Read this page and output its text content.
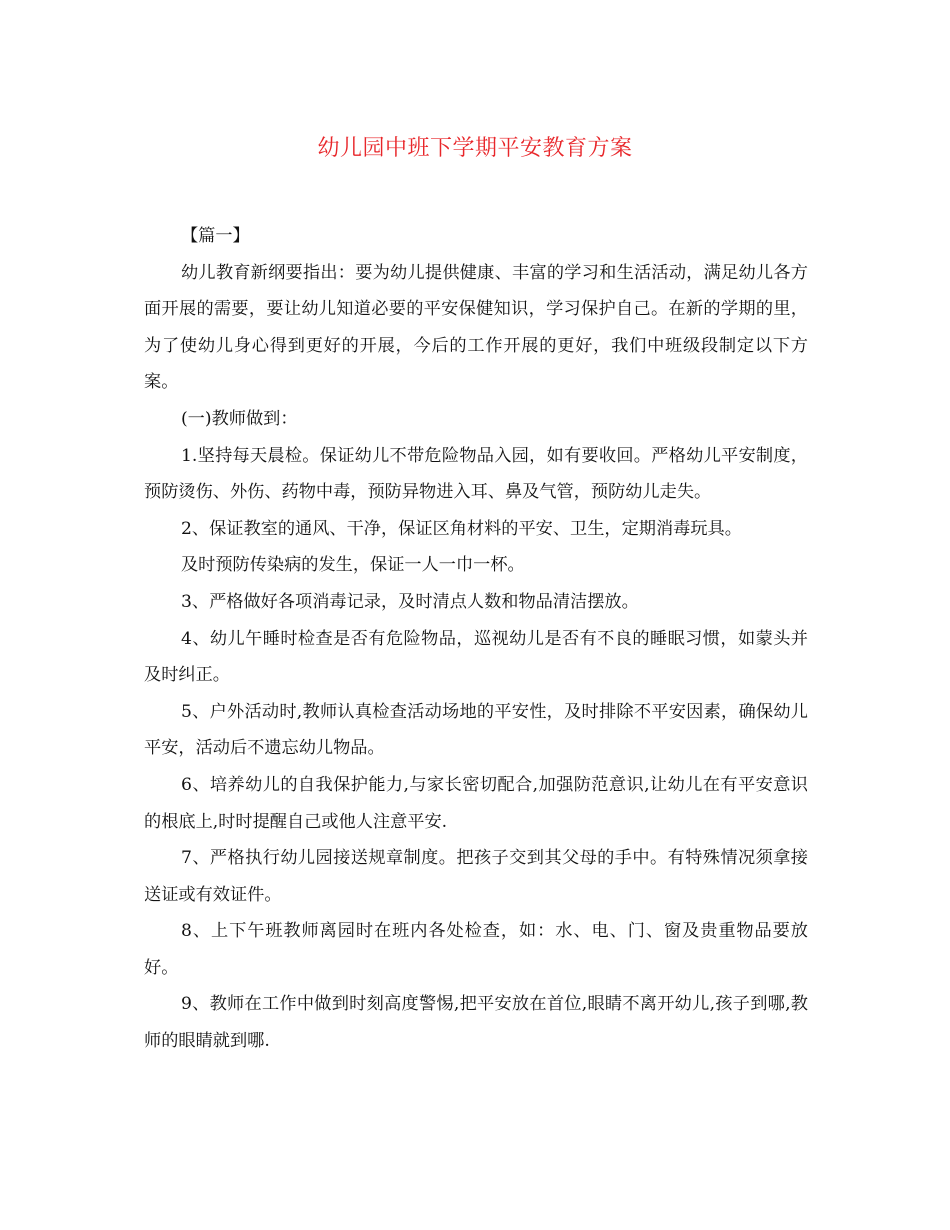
幼儿园中班下学期平安教育方案

【篇一】

幼儿教育新纲要指出：要为幼儿提供健康、丰富的学习和生活活动，满足幼儿各方面开展的需要，要让幼儿知道必要的平安保健知识，学习保护自己。在新的学期的里，为了使幼儿身心得到更好的开展，今后的工作开展的更好，我们中班级段制定以下方案。

(一)教师做到：

1.坚持每天晨检。保证幼儿不带危险物品入园，如有要收回。严格幼儿平安制度，预防烫伤、外伤、药物中毒，预防异物进入耳、鼻及气管，预防幼儿走失。

2、保证教室的通风、干净，保证区角材料的平安、卫生，定期消毒玩具。

及时预防传染病的发生，保证一人一巾一杯。

3、严格做好各项消毒记录，及时清点人数和物品清洁摆放。

4、幼儿午睡时检查是否有危险物品，巡视幼儿是否有不良的睡眠习惯，如蒙头并及时纠正。

5、户外活动时,教师认真检查活动场地的平安性，及时排除不平安因素，确保幼儿平安，活动后不遗忘幼儿物品。

6、培养幼儿的自我保护能力,与家长密切配合,加强防范意识,让幼儿在有平安意识的根底上,时时提醒自己或他人注意平安.

7、严格执行幼儿园接送规章制度。把孩子交到其父母的手中。有特殊情况须拿接送证或有效证件。

8、上下午班教师离园时在班内各处检查，如：水、电、门、窗及贵重物品要放好。

9、教师在工作中做到时刻高度警惕,把平安放在首位,眼睛不离开幼儿,孩子到哪,教师的眼睛就到哪.
